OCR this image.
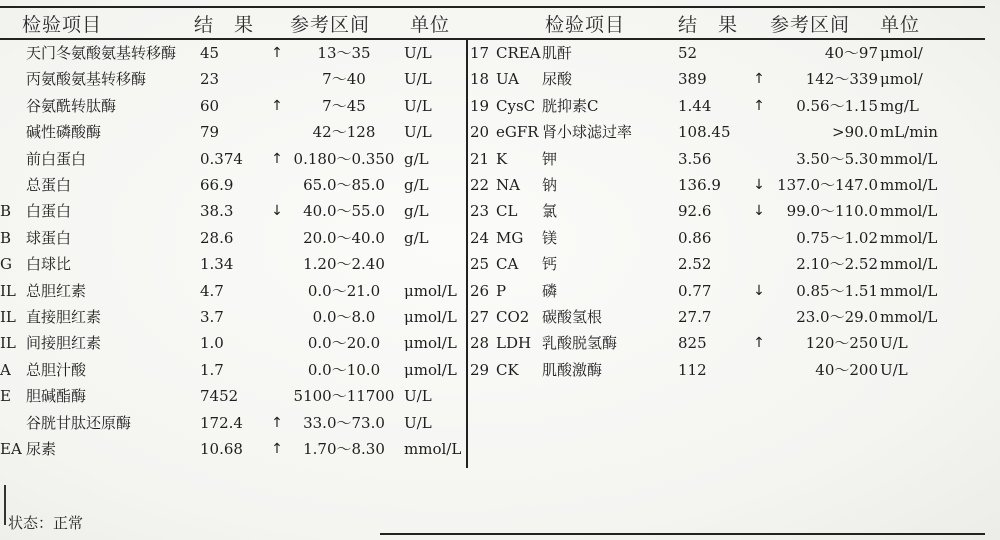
检验项目	结　果 参考区间 单位	检验项目	结　果 参考区间 单位
天门冬氨酸氨基转移酶	45	↑	13～35	U/L
丙氨酸氨基转移酶	23	7～40	U/L
谷氨酰转肽酶	60	↑	7～45	U/L
碱性磷酸酶	79	42～128	U/L
前白蛋白	0.374	↑ 0.180～0.350 g/L
总蛋白	66.9	65.0～85.0	g/L
B 白蛋白	38.3	↓	40.0～55.0	g/L
B 球蛋白	28.6	20.0～40.0	g/L
G 白球比	1.34	1.20～2.40
IL 总胆红素	4.7	0.0～21.0	μmol/L
IL 直接胆红素	3.7	0.0～8.0	μmol/L
IL 间接胆红素	1.0	0.0～20.0	μmol/L
A	总胆汁酸	1.7	0.0～10.0	μmol/L
E	胆碱酯酶	7452	5100～11700 U/L
谷胱甘肽还原酶	172.4	↑	33.0～73.0	U/L
EA 尿素	10.68	↑	1.70～8.30	mmol/L
17 CREA 肌酐	52	40～97 μmol/
18 UA	尿酸	389	↑	142～339 μmol/
19 CysC 胱抑素C	1.44	↑	0.56～1.15 mg/L
20 eGFR 肾小球滤过率	108.45	>90.0 mL/min
21 K	钾	3.56	3.50～5.30 mmol/L
22 NA	钠	136.9	↓ 137.0～147.0 mmol/L
23 CL	氯	92.6	↓	99.0～110.0 mmol/L
24 MG	镁	0.86	0.75～1.02 mmol/L
25 CA	钙	2.52	2.10～2.52 mmol/L
26 P	磷	0.77	↓	0.85～1.51 mmol/L
27 CO2 碳酸氢根	27.7	23.0～29.0 mmol/L
28 LDH 乳酸脱氢酶	825	↑	120～250 U/L
29 CK	肌酸激酶	112	40～200 U/L
状态：正常
